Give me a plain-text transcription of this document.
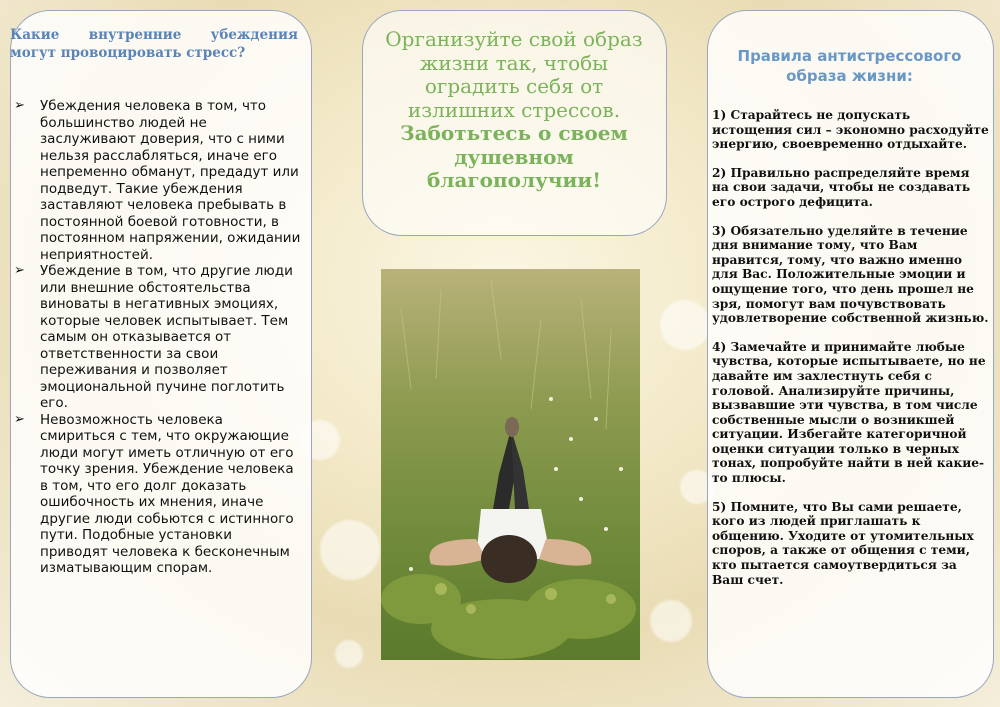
Какие внутренние убеждения могут провоцировать стресс?
➢ Убеждения человека в том, что большинство людей не заслуживают доверия, что с ними нельзя расслабляться, иначе его непременно обманут, предадут или подведут. Такие убеждения заставляют человека пребывать в постоянной боевой готовности, в постоянном напряжении, ожидании неприятностей.
➢ Убеждение в том, что другие люди или внешние обстоятельства виноваты в негативных эмоциях, которые человек испытывает. Тем самым он отказывается от ответственности за свои переживания и позволяет эмоциональной пучине поглотить его.
➢ Невозможность человека смириться с тем, что окружающие люди могут иметь отличную от его точку зрения. Убеждение человека в том, что его долг доказать ошибочность их мнения, иначе другие люди собьются с истинного пути. Подобные установки приводят человека к бесконечным изматывающим спорам.
Организуйте свой образ жизни так, чтобы оградить себя от излишних стрессов.
Заботьтесь о своем душевном благополучии!
Правила антистрессового образа жизни:

1) Старайтесь не допускать истощения сил – экономно расходуйте энергию, своевременно отдыхайте.

2) Правильно распределяйте время на свои задачи, чтобы не создавать его острого дефицита.

3) Обязательно уделяйте в течение дня внимание тому, что Вам нравится, тому, что важно именно для Вас. Положительные эмоции и ощущение того, что день прошел не зря, помогут вам почувствовать удовлетворение собственной жизнью.

4) Замечайте и принимайте любые чувства, которые испытываете, но не давайте им захлестнуть себя с головой. Анализируйте причины, вызвавшие эти чувства, в том числе собственные мысли о возникшей ситуации. Избегайте категоричной оценки ситуации только в черных тонах, попробуйте найти в ней какие-то плюсы.

5) Помните, что Вы сами решаете, кого из людей приглашать к общению. Уходите от утомительных споров, а также от общения с теми, кто пытается самоутвердиться за Ваш счет.
